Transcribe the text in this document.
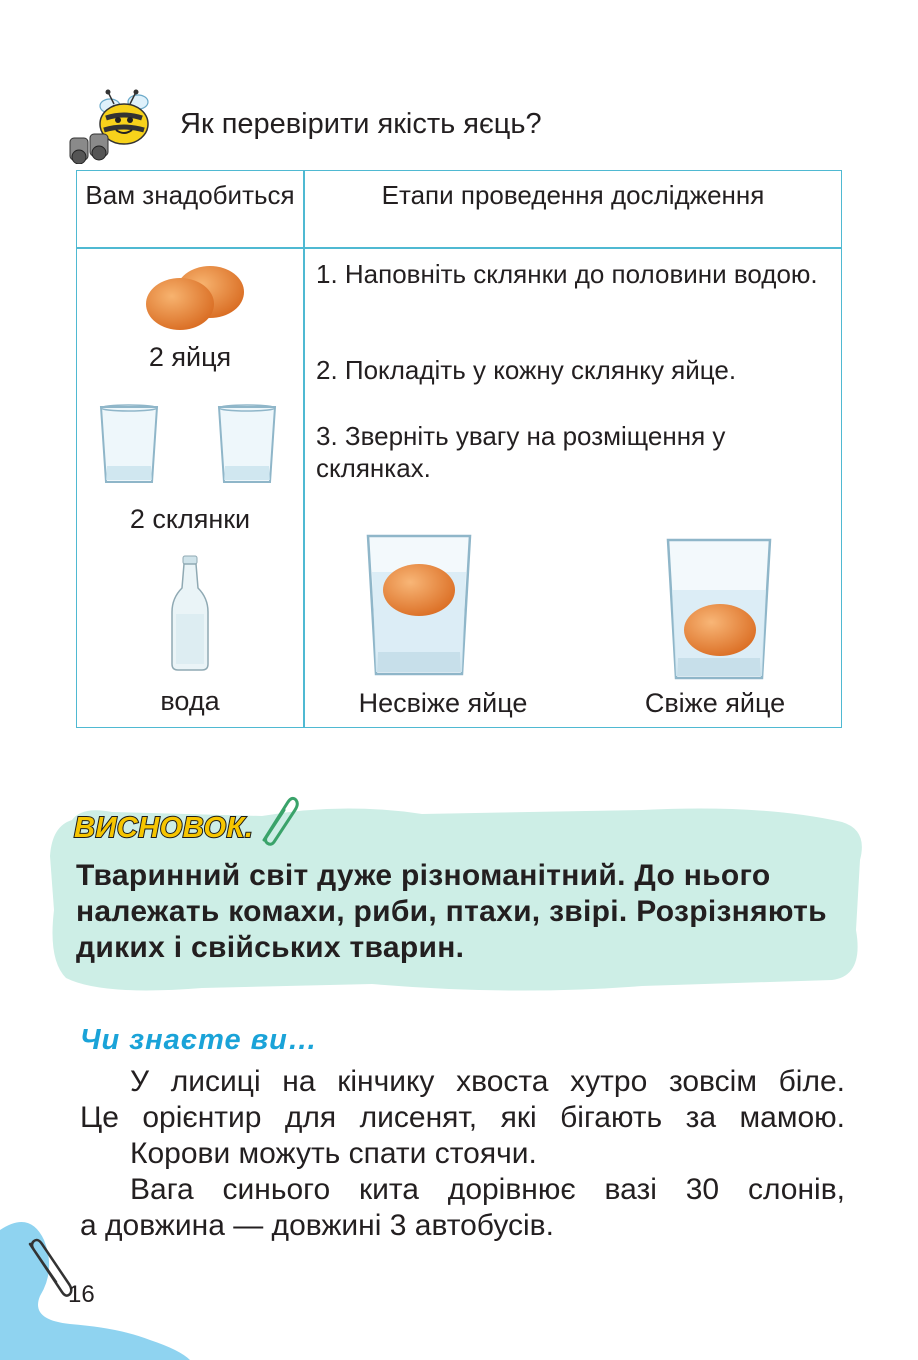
Як перевірити якість яєць?
Вам знадобиться	Етапи проведення дослідження
2 яйця
2 склянки
вода
1. Наповніть склянки до половини водою.
2. Покладіть у кожну склянку яйце.
3. Зверніть увагу на розміщення у склянках.
Несвіже яйце	Свіже яйце
ВИСНОВОК.
Тваринний світ дуже різноманітний. До нього належать комахи, риби, птахи, звірі. Розрізняють диких і свійських тварин.
Чи знаєте ви…
У лисиці на кінчику хвоста хутро зовсім біле.
Це орієнтир для лисенят, які бігають за мамою.
Корови можуть спати стоячи.
Вага синього кита дорівнює вазі 30 слонів,
а довжина — довжині 3 автобусів.
16
